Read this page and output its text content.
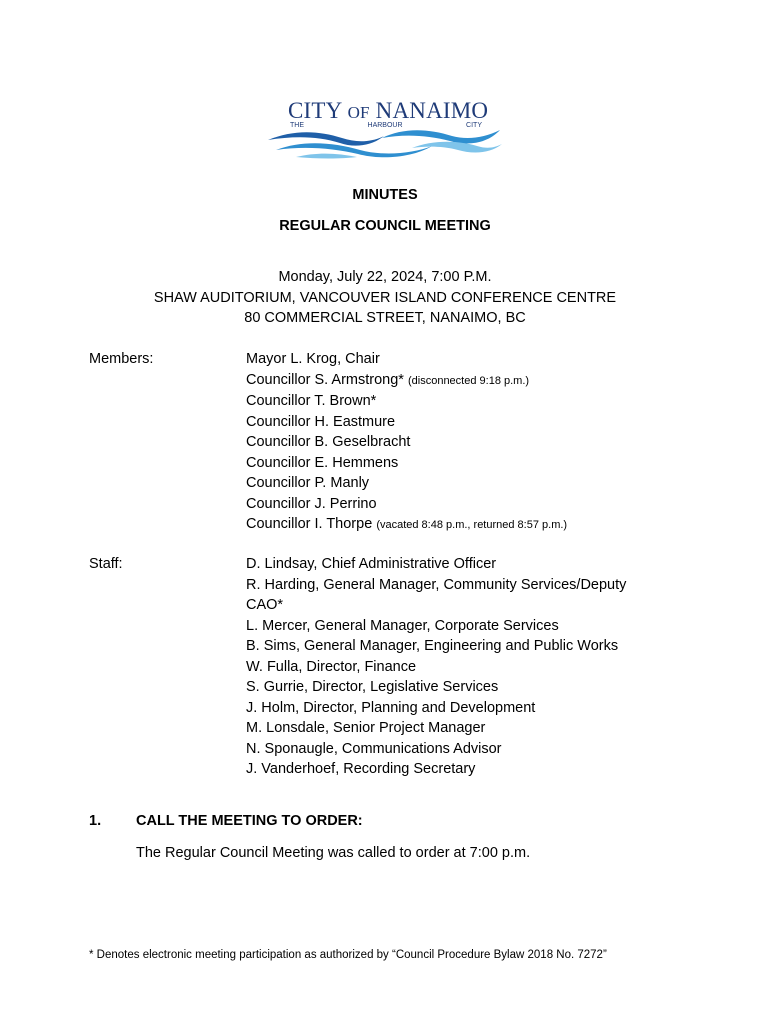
CITY OF NANAIMO
THE	HARBOUR	CITY
MINUTES
REGULAR COUNCIL MEETING
Monday, July 22, 2024, 7:00 P.M.
SHAW AUDITORIUM, VANCOUVER ISLAND CONFERENCE CENTRE
80 COMMERCIAL STREET, NANAIMO, BC
Members:	Mayor L. Krog, Chair
Councillor S. Armstrong* (disconnected 9:18 p.m.)
Councillor T. Brown*
Councillor H. Eastmure
Councillor B. Geselbracht
Councillor E. Hemmens
Councillor P. Manly
Councillor J. Perrino
Councillor I. Thorpe (vacated 8:48 p.m., returned 8:57 p.m.)
Staff:	D. Lindsay, Chief Administrative Officer
R. Harding, General Manager, Community Services/Deputy
CAO*
L. Mercer, General Manager, Corporate Services
B. Sims, General Manager, Engineering and Public Works
W. Fulla, Director, Finance
S. Gurrie, Director, Legislative Services
J. Holm, Director, Planning and Development
M. Lonsdale, Senior Project Manager
N. Sponaugle, Communications Advisor
J. Vanderhoef, Recording Secretary
1. CALL THE MEETING TO ORDER:
The Regular Council Meeting was called to order at 7:00 p.m.
* Denotes electronic meeting participation as authorized by “Council Procedure Bylaw 2018 No. 7272”
